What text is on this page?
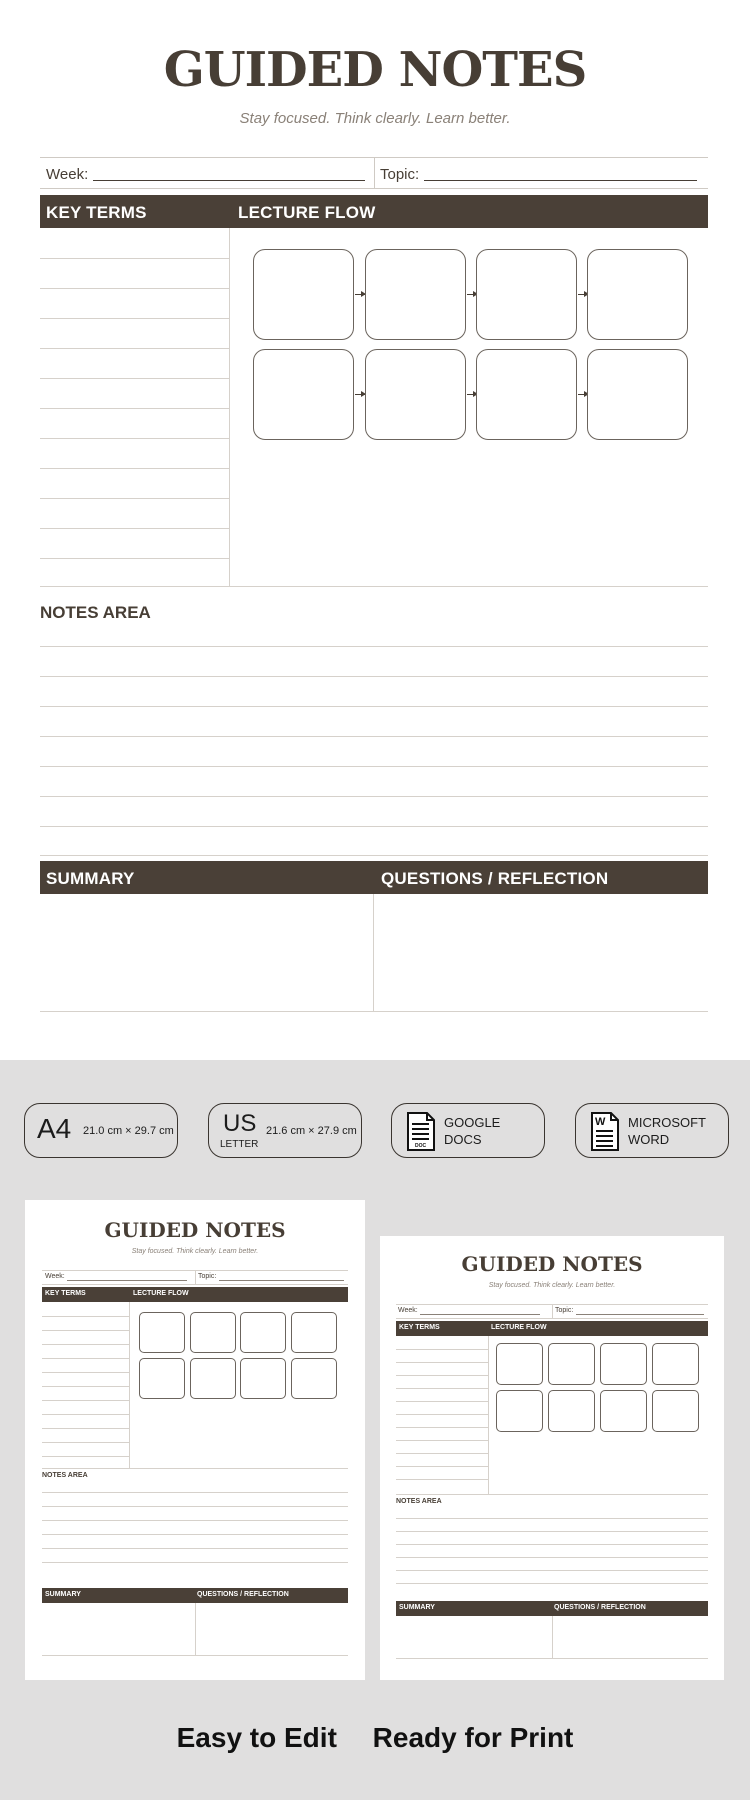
GUIDED NOTES
Stay focused. Think clearly. Learn better.
Week:	Topic:
KEY TERMS	LECTURE FLOW
NOTES AREA
SUMMARY	QUESTIONS / REFLECTION
A4 21.0 cm × 29.7 cm US
LETTER
21.6 cm × 27.9 cm
DOC
GOOGLE
DOCS
W MICROSOFT
WORD
GUIDED NOTES
Stay focused. Think clearly. Learn better.
Week:	Topic:
KEY TERMS	LECTURE FLOW
NOTES AREA
SUMMARY	QUESTIONS / REFLECTION
GUIDED NOTES
Stay focused. Think clearly. Learn better.
Week:	Topic:
KEY TERMS	LECTURE FLOW
NOTES AREA
SUMMARY	QUESTIONS / REFLECTION
Easy to Edit Ready for Print
